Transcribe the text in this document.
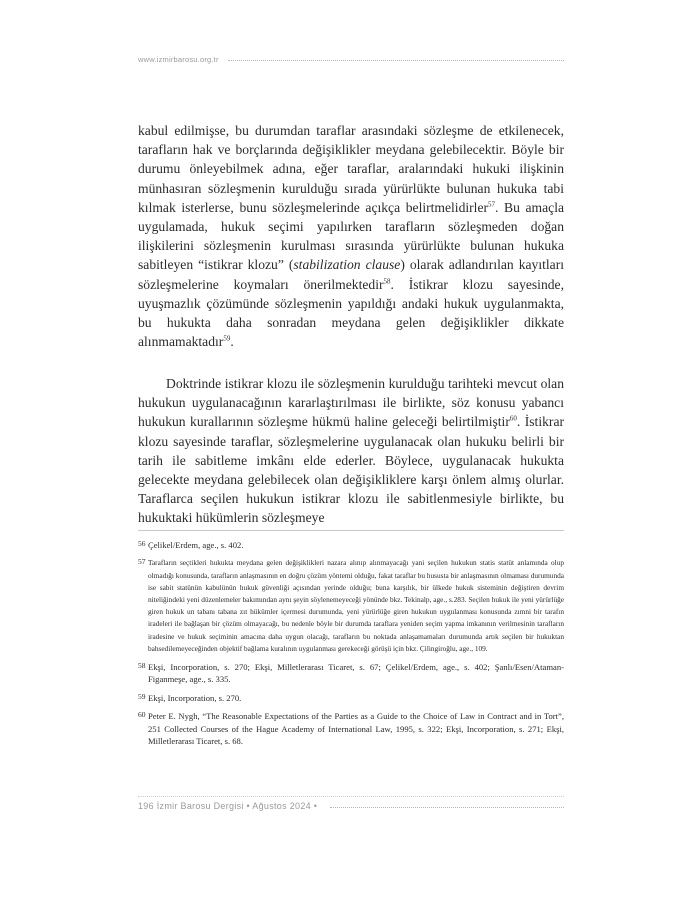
www.izmirbarosu.org.tr

kabul edilmişse, bu durumdan taraflar arasındaki sözleşme de etkilenecek, tarafların hak ve borçlarında değişiklikler meydana gelebilecektir. Böyle bir durumu önleyebilmek adına, eğer taraflar, aralarındaki hukuki ilişkinin münhasıran sözleşmenin kurulduğu sırada yürürlükte bulunan hukuka tabi kılmak isterlerse, bunu sözleşmelerinde açıkça belirtmelidirler$^{57}$. Bu amaçla uygulamada, hukuk seçimi yapılırken tarafların sözleşmeden doğan ilişkilerini sözleşmenin kurulması sırasında yürürlükte bulunan hukuka sabitleyen “istikrar klozu” (stabilization clause) olarak adlandırılan kayıtları sözleşmelerine koymaları önerilmektedir$^{58}$. İstikrar klozu sayesinde, uyuşmazlık çözümünde sözleşmenin yapıldığı andaki hukuk uygulanmakta, bu hukukta daha sonradan meydana gelen değişiklikler dikkate alınmamaktadır$^{59}$.

Doktrinde istikrar klozu ile sözleşmenin kurulduğu tarihteki mevcut olan hukukun uygulanacağının kararlaştırılması ile birlikte, söz konusu yabancı hukukun kurallarının sözleşme hükmü haline geleceği belirtilmiştir$^{60}$. İstikrar klozu sayesinde taraflar, sözleşmelerine uygulanacak olan hukuku belirli bir tarih ile sabitleme imkânı elde ederler. Böylece, uygulanacak hukukta gelecekte meydana gelebilecek olan değişikliklere karşı önlem almış olurlar. Taraflarca seçilen hukukun istikrar klozu ile sabitlenmesiyle birlikte, bu hukuktaki hükümlerin sözleşmeye

56 Çelikel/Erdem, age., s. 402.
57 Tarafların seçtikleri hukukta meydana gelen değişiklikleri nazara alınıp alınmayacağı yani seçilen hukukun statis statüt anlamında olup olmadığı konusunda, tarafların anlaşmasının en doğru çözüm yöntemi olduğu, fakat taraflar bu hususta bir anlaşmasının olmaması durumunda ise sabit statünün kabulünün hukuk güvenliği açısından yerinde olduğu; buna karşılık, bir ülkede hukuk sisteminin değiştiren devrim niteliğindeki yeni düzenlemeler bakımından aynı şeyin söylenemeyeceği yönünde bkz. Tekinalp, age., s.283. Seçilen hukuk ile yeni yürürlüğe giren hukuk un tabanı tabana zıt hükümler içermesi durumunda, yeni yürürlüğe giren hukukun uygulanması konusunda zımni bir tarafın iradeleri ile bağlaşan bir çözüm olmayacağı, bu nedenle böyle bir durumda taraflara yeniden seçim yapma imkanının verilmesinin tarafların iradesine ve hukuk seçiminin amacına daha uygun olacağı, tarafların bu noktada anlaşamamaları durumunda artık seçilen bir hukuktan bahsedilemeyeceğinden objektif bağlama kuralının uygulanması gerekeceği görüşü için bkz. Çilingiroğlu, age., 109.
58 Ekşi, Incorporation, s. 270; Ekşi, Milletlerarası Ticaret, s. 67; Çelikel/Erdem, age., s. 402; Şanlı/Esen/Ataman-Figanmeşe, age., s. 335.
59 Ekşi, Incorporation, s. 270.
60 Peter E. Nygh, “The Reasonable Expectations of the Parties as a Guide to the Choice of Law in Contract and in Tort”, 251 Collected Courses of the Hague Academy of International Law, 1995, s. 322; Ekşi, Incorporation, s. 271; Ekşi, Milletlerarası Ticaret, s. 68.
196 İzmir Barosu Dergisi • Ağustos 2024 •
